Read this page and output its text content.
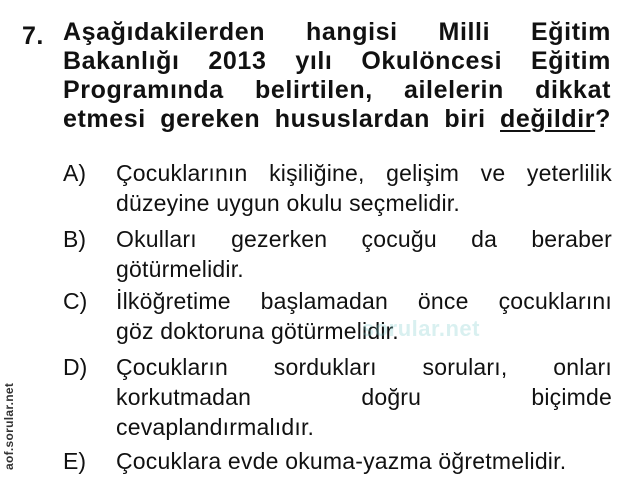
7. Aşağıdakilerden hangisi Milli Eğitim
Bakanlığı 2013 yılı Okulöncesi Eğitim
Programında belirtilen, ailelerin dikkat
etmesi gereken hususlardan biri değildir?
A) Çocuklarının kişiliğine, gelişim ve yeterlilik
düzeyine uygun okulu seçmelidir.
B) Okulları gezerken çocuğu da beraber
götürmelidir.
C) İlköğretime başlamadan önce çocuklarını
göz doktoruna götürmelidir.
D) Çocukların sordukları soruları, onları
korkutmadan doğru biçimde
cevaplandırmalıdır.
E) Çocuklara evde okuma-yazma öğretmelidir.
sorular.net
aof.sorular.net
